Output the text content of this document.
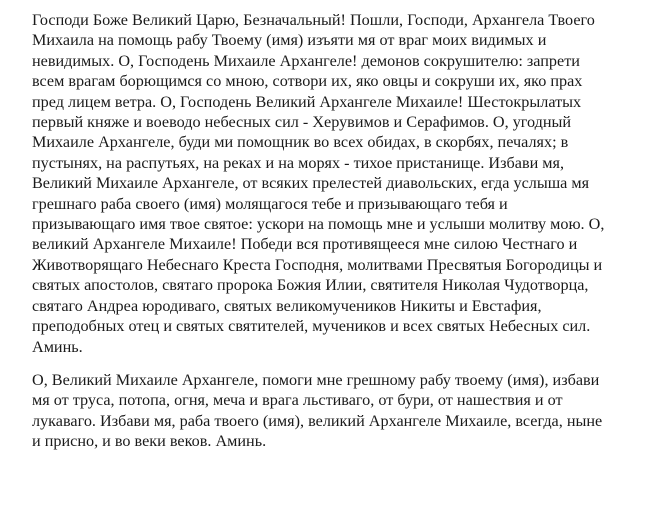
Господи Боже Великий Царю, Безначальный! Пошли, Господи, Архангела Твоего
Михаила на помощь рабу Твоему (имя) изъяти мя от враг моих видимых и
невидимых. О, Господень Михаиле Архангеле! демонов сокрушителю: запрети
всем врагам борющимся со мною, сотвори их, яко овцы и сокруши их, яко прах
пред лицем ветра. О, Господень Великий Архангеле Михаиле! Шестокрылатых
первый княже и воеводо небесных сил - Херувимов и Серафимов. О, угодный
Михаиле Архангеле, буди ми помощник во всех обидах, в скорбях, печалях; в
пустынях, на распутьях, на реках и на морях - тихое пристанище. Избави мя,
Великий Михаиле Архангеле, от всяких прелестей диавольских, егда услыша мя
грешнаго раба своего (имя) молящагося тебе и призывающаго тебя и
призывающаго имя твое святое: ускори на помощь мне и услыши молитву мою. О,
великий Архангеле Михаиле! Победи вся противящееся мне силою Честнаго и
Животворящаго Небеснаго Креста Господня, молитвами Пресвятыя Богородицы и
святых апостолов, святаго пророка Божия Илии, святителя Николая Чудотворца,
святаго Андреа юродиваго, святых великомучеников Никиты и Евстафия,
преподобных отец и святых святителей, мучеников и всех святых Небесных сил.
Аминь.

О, Великий Михаиле Архангеле, помоги мне грешному рабу твоему (имя), избави
мя от труса, потопа, огня, меча и врага льстиваго, от бури, от нашествия и от
лукаваго. Избави мя, раба твоего (имя), великий Архангеле Михаиле, всегда, ныне
и присно, и во веки веков. Аминь.
